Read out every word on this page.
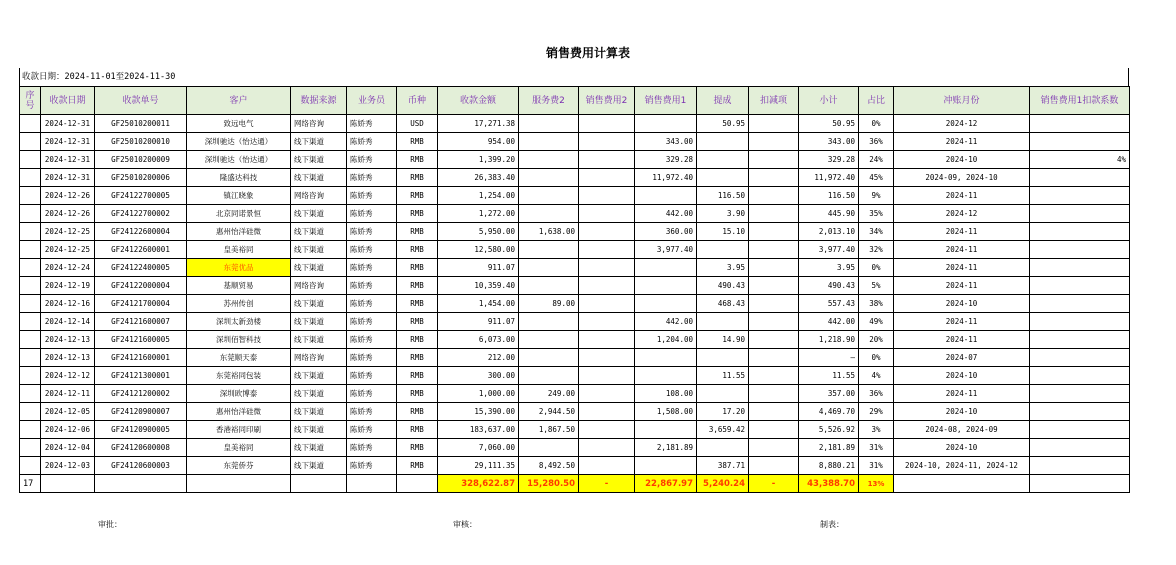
销售费用计算表
收款日期：2024-11-01至2024-11-30
序号	收款日期	收款单号	客户	数据来源	业务员	币种	收款金额	服务费2	销售费用2	销售费用1	提成	扣减项	小计	占比	冲账月份	销售费用1扣款系数
	2024-12-31	GF25010200011	致远电气	网络咨询	陈娇秀	USD	17,271.38				50.95		50.95	0%	2024-12	
	2024-12-31	GF25010200010	深圳驰达（怡达通）	线下渠道	陈娇秀	RMB	954.00			343.00			343.00	36%	2024-11	
	2024-12-31	GF25010200009	深圳驰达（怡达通）	线下渠道	陈娇秀	RMB	1,399.20			329.28			329.28	24%	2024-10	4%
	2024-12-31	GF25010200006	隆盛达科技	线下渠道	陈娇秀	RMB	26,383.40			11,972.40			11,972.40	45%	2024-09, 2024-10	
	2024-12-26	GF24122700005	镇江晓象	网络咨询	陈娇秀	RMB	1,254.00				116.50		116.50	9%	2024-11	
	2024-12-26	GF24122700002	北京同诺景恒	线下渠道	陈娇秀	RMB	1,272.00			442.00	3.90		445.90	35%	2024-12	
	2024-12-25	GF24122600004	惠州怡洋硅微	线下渠道	陈娇秀	RMB	5,950.00	1,638.00		360.00	15.10		2,013.10	34%	2024-11	
	2024-12-25	GF24122600001	皇美裕同	线下渠道	陈娇秀	RMB	12,580.00			3,977.40			3,977.40	32%	2024-11	
	2024-12-24	GF24122400005	东莞优品	线下渠道	陈娇秀	RMB	911.07				3.95		3.95	0%	2024-11	
	2024-12-19	GF24122000004	基顺贸易	网络咨询	陈娇秀	RMB	10,359.40				490.43		490.43	5%	2024-11	
	2024-12-16	GF24121700004	苏州传创	线下渠道	陈娇秀	RMB	1,454.00	89.00			468.43		557.43	38%	2024-10	
	2024-12-14	GF24121600007	深圳太新劲楼	线下渠道	陈娇秀	RMB	911.07			442.00			442.00	49%	2024-11	
	2024-12-13	GF24121600005	深圳佰智科技	线下渠道	陈娇秀	RMB	6,073.00			1,204.00	14.90		1,218.90	20%	2024-11	
	2024-12-13	GF24121600001	东莞顺天泰	网络咨询	陈娇秀	RMB	212.00						–	0%	2024-07	
	2024-12-12	GF24121300001	东莞裕同包装	线下渠道	陈娇秀	RMB	300.00				11.55		11.55	4%	2024-10	
	2024-12-11	GF24121200002	深圳欧博泰	线下渠道	陈娇秀	RMB	1,000.00	249.00		108.00			357.00	36%	2024-11	
	2024-12-05	GF24120900007	惠州怡洋硅微	线下渠道	陈娇秀	RMB	15,390.00	2,944.50		1,508.00	17.20		4,469.70	29%	2024-10	
	2024-12-06	GF24120900005	香港裕同印刷	线下渠道	陈娇秀	RMB	183,637.00	1,867.50			3,659.42		5,526.92	3%	2024-08, 2024-09	
	2024-12-04	GF24120600008	皇美裕同	线下渠道	陈娇秀	RMB	7,060.00			2,181.89			2,181.89	31%	2024-10	
	2024-12-03	GF24120600003	东莞侨芬	线下渠道	陈娇秀	RMB	29,111.35	8,492.50			387.71		8,880.21	31%	2024-10, 2024-11, 2024-12	
17							328,622.87	15,280.50	-	22,867.97	5,240.24	-	43,388.70	13%		
审批：	审核：	制表：
